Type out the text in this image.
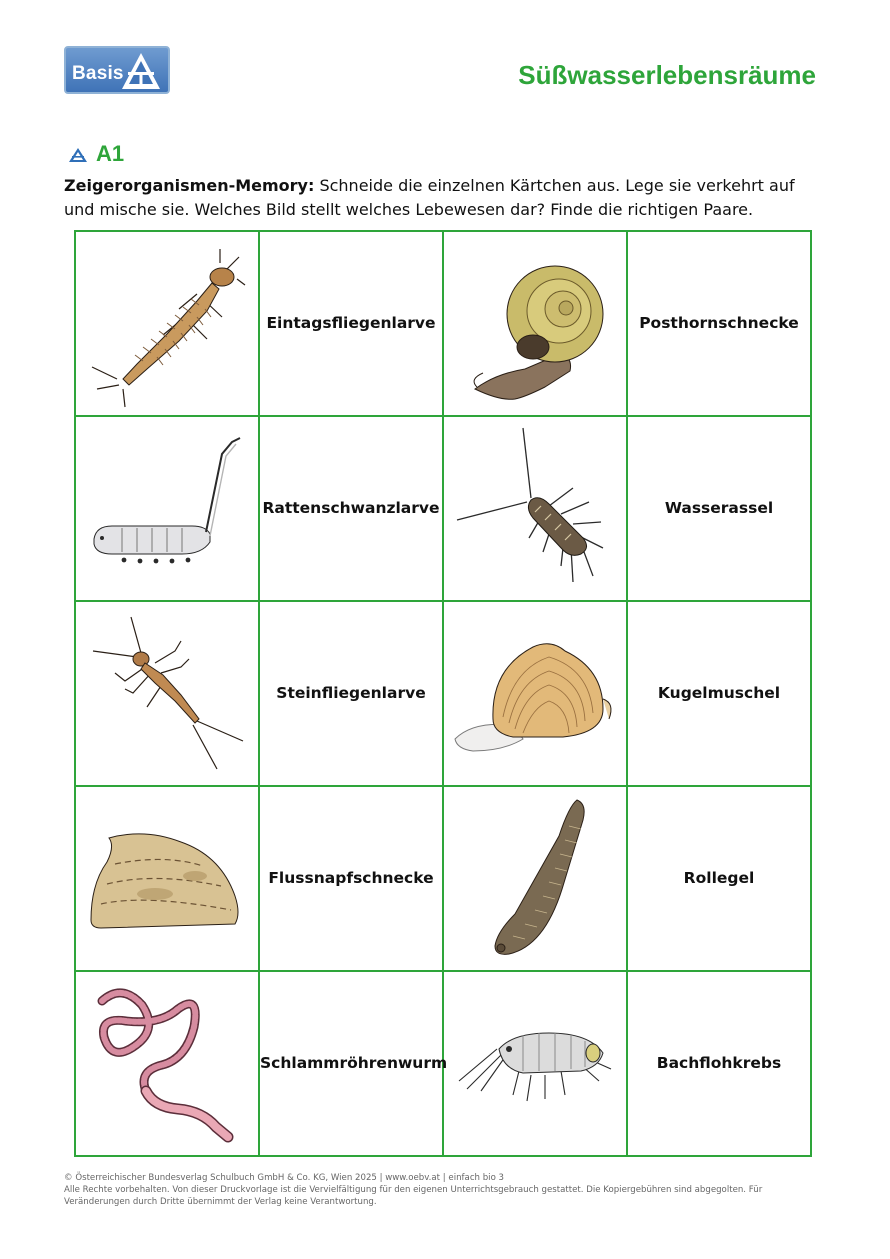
Basis	Süßwasserlebensräume
A1
Zeigerorganismen-Memory: Schneide die einzelnen Kärtchen aus. Lege sie verkehrt auf und mische sie. Welches Bild stellt welches Lebewesen dar? Finde die richtigen Paare.
	Eintagsfliegenlarve		Posthornschnecke

	Rattenschwanzlarve		Wasserassel

	Steinfliegenlarve		Kugelmuschel

	Flussnapfschnecke		Rollegel

	Schlammröhrenwurm		Bachflohkrebs
© Österreichischer Bundesverlag Schulbuch GmbH & Co. KG, Wien 2025 | www.oebv.at | einfach bio 3
Alle Rechte vorbehalten. Von dieser Druckvorlage ist die Vervielfältigung für den eigenen Unterrichtsgebrauch gestattet. Die Kopiergebühren sind abgegolten. Für Veränderungen durch Dritte übernimmt der Verlag keine Verantwortung.
